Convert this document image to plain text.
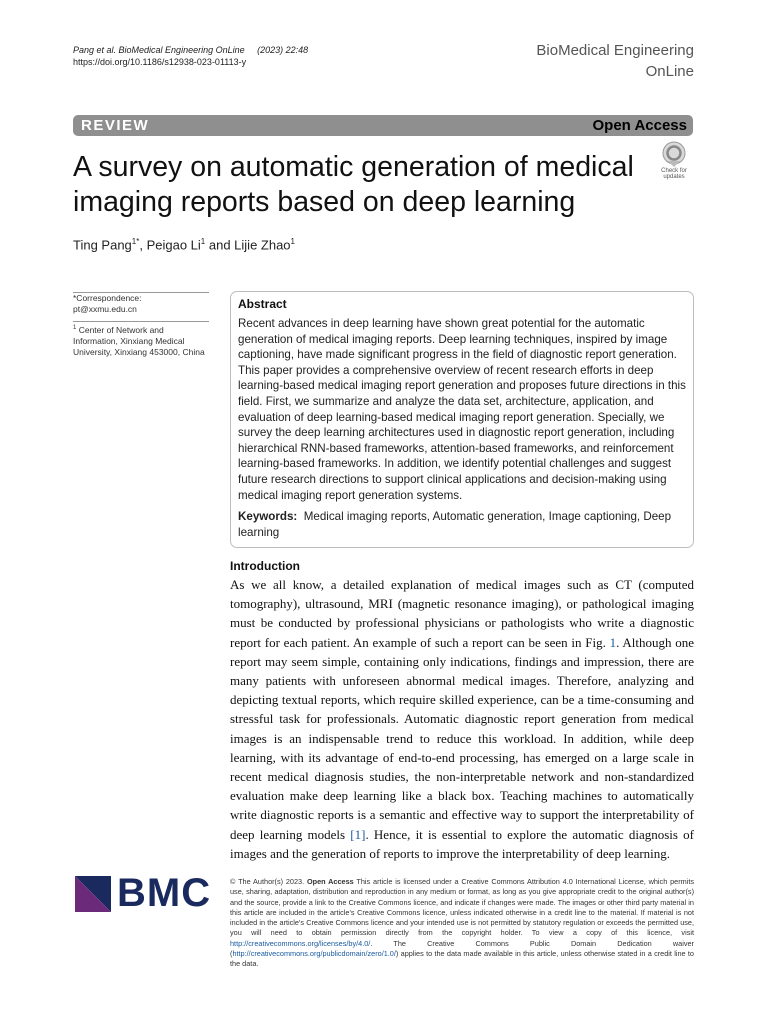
Pang et al. BioMedical Engineering OnLine (2023) 22:48
https://doi.org/10.1186/s12938-023-01113-y
BioMedical Engineering
OnLine
REVIEW	Open Access
A survey on automatic generation of medical imaging reports based on deep learning
Check for
updates
Ting Pang$^{1*}$, Peigao Li$^1$ and Lijie Zhao$^1$
*Correspondence:
pt@xxmu.edu.cn
$^1$ Center of Network and Information, Xinxiang Medical University, Xinxiang 453000, China
Abstract
Recent advances in deep learning have shown great potential for the automatic generation of medical imaging reports. Deep learning techniques, inspired by image captioning, have made significant progress in the field of diagnostic report generation. This paper provides a comprehensive overview of recent research efforts in deep learning-based medical imaging report generation and proposes future directions in this field. First, we summarize and analyze the data set, architecture, application, and evaluation of deep learning-based medical imaging report generation. Specially, we survey the deep learning architectures used in diagnostic report generation, including hierarchical RNN-based frameworks, attention-based frameworks, and reinforcement learning-based frameworks. In addition, we identify potential challenges and suggest future research directions to support clinical applications and decision-making using medical imaging report generation systems.
Keywords: Medical imaging reports, Automatic generation, Image captioning, Deep learning
Introduction
As we all know, a detailed explanation of medical images such as CT (computed tomography), ultrasound, MRI (magnetic resonance imaging), or pathological imaging must be conducted by professional physicians or pathologists who write a diagnostic report for each patient. An example of such a report can be seen in Fig. 1. Although one report may seem simple, containing only indications, findings and impression, there are many patients with unforeseen abnormal medical images. Therefore, analyzing and depicting textual reports, which require skilled experience, can be a time-consuming and stressful task for professionals. Automatic diagnostic report generation from medical images is an indispensable trend to reduce this workload. In addition, while deep learning, with its advantage of end-to-end processing, has emerged on a large scale in recent medical diagnosis studies, the non-interpretable network and non-standardized evaluation make deep learning like a black box. Teaching machines to automatically write diagnostic reports is a semantic and effective way to support the interpretability of deep learning models [1]. Hence, it is essential to explore the automatic diagnosis of images and the generation of reports to improve the interpretability of deep learning.
BMC	© The Author(s) 2023. Open Access This article is licensed under a Creative Commons Attribution 4.0 International License, which permits use, sharing, adaptation, distribution and reproduction in any medium or format, as long as you give appropriate credit to the original author(s) and the source, provide a link to the Creative Commons licence, and indicate if changes were made. The images or other third party material in this article are included in the article's Creative Commons licence, unless indicated otherwise in a credit line to the material. If material is not included in the article's Creative Commons licence and your intended use is not permitted by statutory regulation or exceeds the permitted use, you will need to obtain permission directly from the copyright holder. To view a copy of this licence, visit http://creativecommons.org/licenses/by/4.0/. The Creative Commons Public Domain Dedication waiver (http://creativecommons.org/publicdomain/zero/1.0/) applies to the data made available in this article, unless otherwise stated in a credit line to the data.
